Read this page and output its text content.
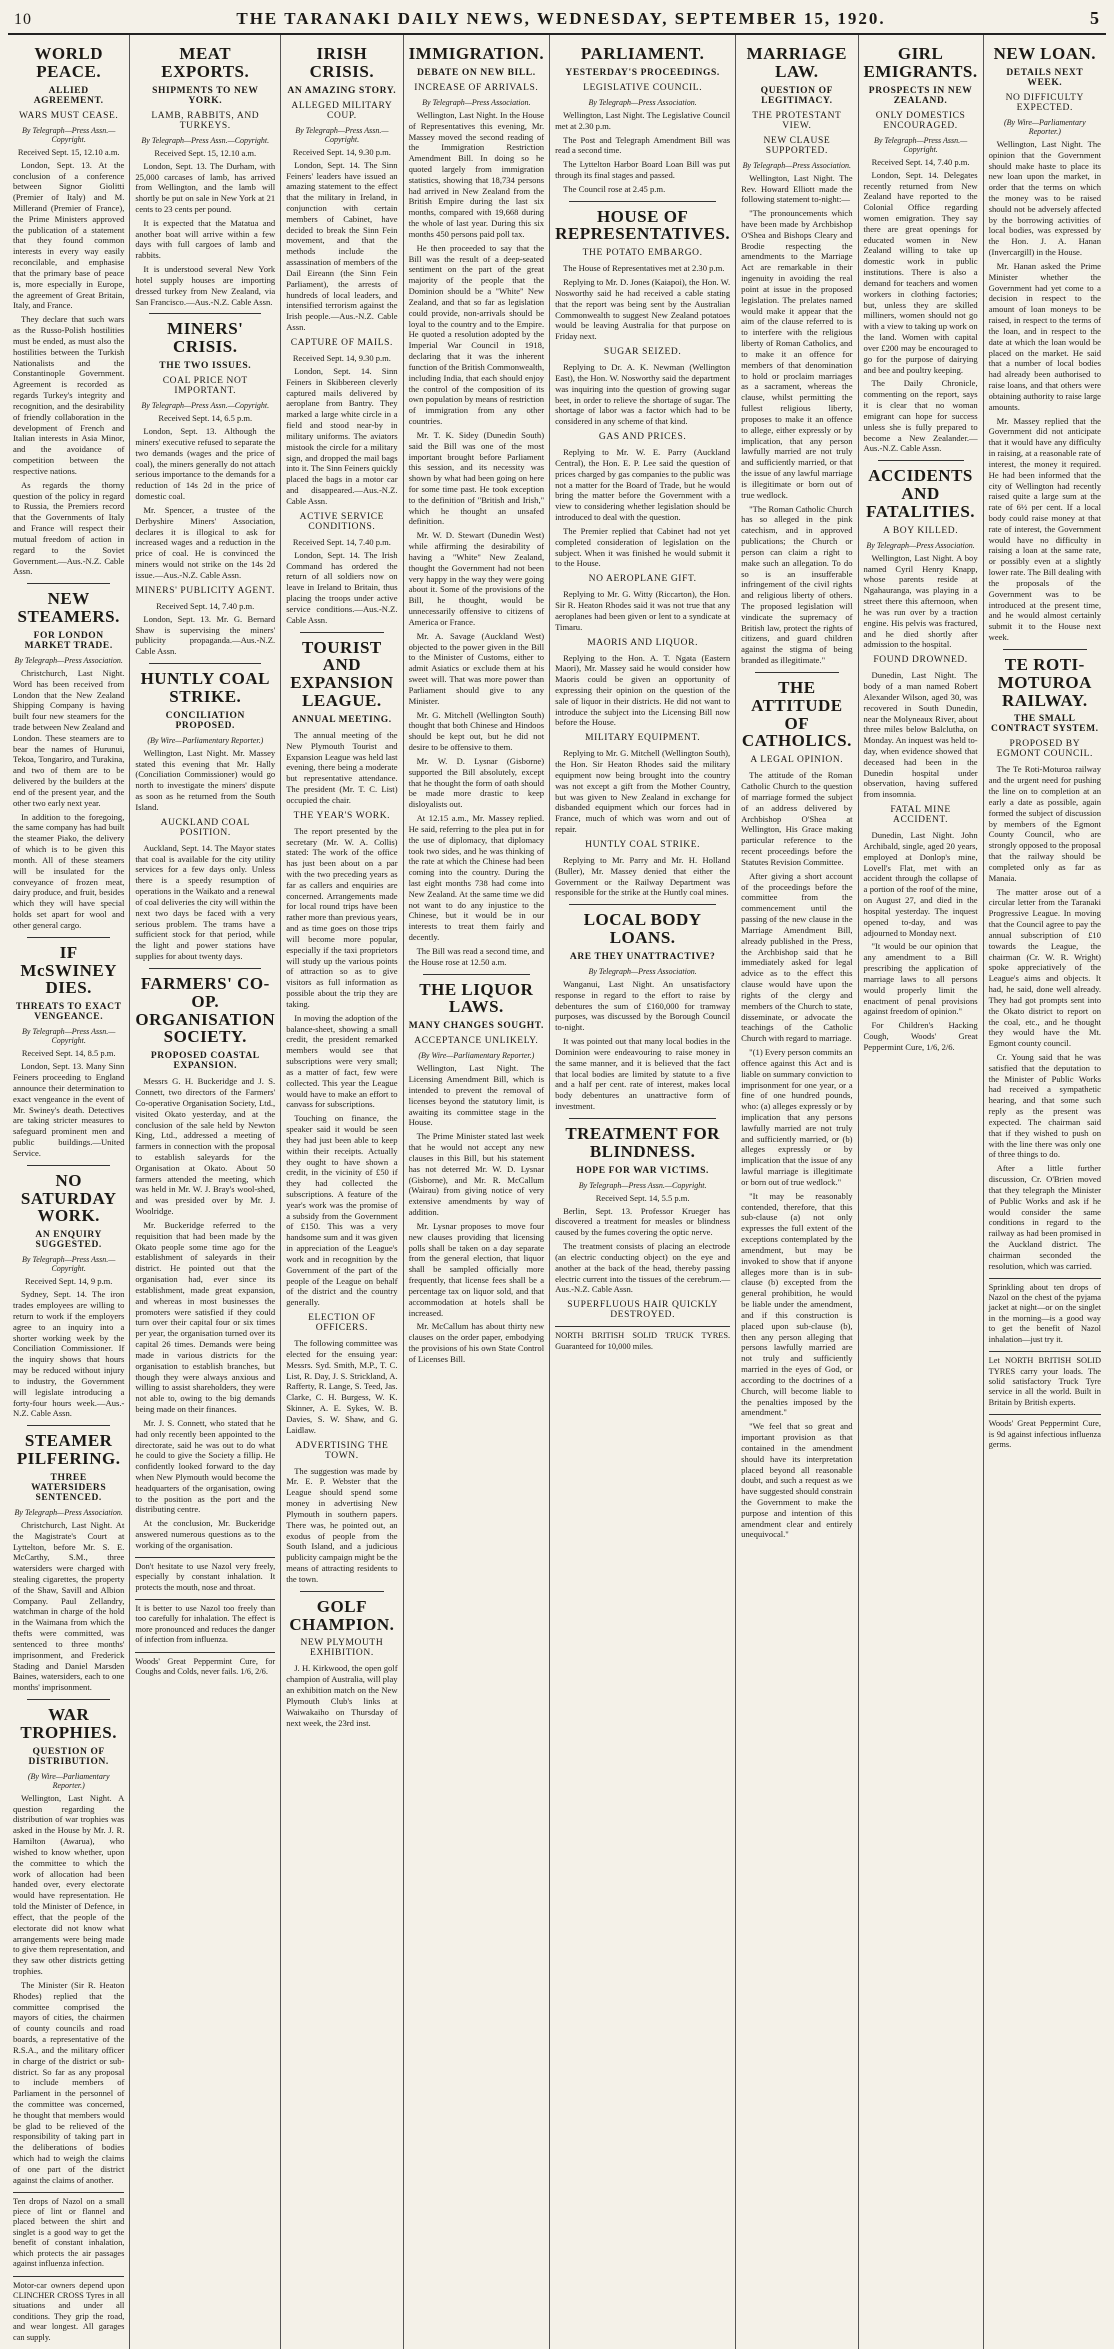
10	THE TARANAKI DAILY NEWS, WEDNESDAY, SEPTEMBER 15, 1920.	5
WORLD PEACE.
ALLIED AGREEMENT.
WARS MUST CEASE.
By Telegraph—Press Assn.—Copyright.
Received Sept. 15, 12.10 a.m.

London, Sept. 13. At the conclusion of a conference between Signor Giolitti (Premier of Italy) and M. Millerand (Premier of France), the Prime Ministers approved the publication of a statement that they found common interests in every way easily reconcilable, and emphasise that the primary base of peace is, more especially in Europe, the agreement of Great Britain, Italy, and France.

They declare that such wars as the Russo-Polish hostilities must be ended, as must also the hostilities between the Turkish Nationalists and the Constantinople Government. Agreement is recorded as regards Turkey's integrity and recognition, and the desirability of friendly collaboration in the development of French and Italian interests in Asia Minor, and the avoidance of competition between the respective nations.

As regards the thorny question of the policy in regard to Russia, the Premiers record that the Governments of Italy and France will respect their mutual freedom of action in regard to the Soviet Government.—Aus.-N.Z. Cable Assn.

NEW STEAMERS.
FOR LONDON MARKET TRADE.
By Telegraph—Press Association.

Christchurch, Last Night. Word has been received from London that the New Zealand Shipping Company is having built four new steamers for the trade between New Zealand and London. These steamers are to bear the names of Hurunui, Tekoa, Tongariro, and Turakina, and two of them are to be delivered by the builders at the end of the present year, and the other two early next year.

In addition to the foregoing, the same company has had built the steamer Piako, the delivery of which is to be given this month. All of these steamers will be insulated for the conveyance of frozen meat, dairy produce, and fruit, besides which they will have special holds set apart for wool and other general cargo.

IF McSWINEY DIES.
THREATS TO EXACT VENGEANCE.
By Telegraph—Press Assn.—Copyright.
Received Sept. 14, 8.5 p.m.

London, Sept. 13. Many Sinn Feiners proceeding to England announce their determination to exact vengeance in the event of Mr. Swiney's death. Detectives are taking stricter measures to safeguard prominent men and public buildings.—United Service.

NO SATURDAY WORK.
AN ENQUIRY SUGGESTED.
By Telegraph—Press Assn.—Copyright.
Received Sept. 14, 9 p.m.

Sydney, Sept. 14. The iron trades employees are willing to return to work if the employers agree to an inquiry into a shorter working week by the Conciliation Commissioner. If the inquiry shows that hours may be reduced without injury to industry, the Government will legislate introducing a forty-four hours week.—Aus.-N.Z. Cable Assn.

STEAMER PILFERING.
THREE WATERSIDERS SENTENCED.
By Telegraph—Press Association.

Christchurch, Last Night. At the Magistrate's Court at Lyttelton, before Mr. S. E. McCarthy, S.M., three watersiders were charged with stealing cigarettes, the property of the Shaw, Savill and Albion Company. Paul Zellandry, watchman in charge of the hold in the Waimana from which the thefts were committed, was sentenced to three months' imprisonment, and Frederick Stading and Daniel Marsden Baines, watersiders, each to one months' imprisonment.

WAR TROPHIES.
QUESTION OF DISTRIBUTION.
(By Wire—Parliamentary Reporter.)

Wellington, Last Night. A question regarding the distribution of war trophies was asked in the House by Mr. J. R. Hamilton (Awarua), who wished to know whether, upon the committee to which the work of allocation had been handed over, every electorate would have representation. He told the Minister of Defence, in effect, that the people of the electorate did not know what arrangements were being made to give them representation, and they saw other districts getting trophies.

The Minister (Sir R. Heaton Rhodes) replied that the committee comprised the mayors of cities, the chairmen of county councils and road boards, a representative of the R.S.A., and the military officer in charge of the district or sub-district. So far as any proposal to include members of Parliament in the personnel of the committee was concerned, he thought that members would be glad to be relieved of the responsibility of taking part in the deliberations of bodies which had to weigh the claims of one part of the district against the claims of another.

Ten drops of Nazol on a small piece of lint or flannel and placed between the shirt and singlet is a good way to get the benefit of constant inhalation, which protects the air passages against influenza infection.
Motor-car owners depend upon CLINCHER CROSS Tyres in all situations and under all conditions. They grip the road, and wear longest. All garages can supply.
MEAT EXPORTS.
SHIPMENTS TO NEW YORK.
LAMB, RABBITS, AND TURKEYS.
By Telegraph—Press Assn.—Copyright.
Received Sept. 15, 12.10 a.m.

London, Sept. 13. The Durham, with 25,000 carcases of lamb, has arrived from Wellington, and the lamb will shortly be put on sale in New York at 21 cents to 23 cents per pound.

It is expected that the Matatua and another boat will arrive within a few days with full cargoes of lamb and rabbits.

It is understood several New York hotel supply houses are importing dressed turkey from New Zealand, via San Francisco.—Aus.-N.Z. Cable Assn.

MINERS' CRISIS.
THE TWO ISSUES.
COAL PRICE NOT IMPORTANT.
By Telegraph—Press Assn.—Copyright.
Received Sept. 14, 6.5 p.m.

London, Sept. 13. Although the miners' executive refused to separate the two demands (wages and the price of coal), the miners generally do not attach serious importance to the demands for a reduction of 14s 2d in the price of domestic coal.

Mr. Spencer, a trustee of the Derbyshire Miners' Association, declares it is illogical to ask for increased wages and a reduction in the price of coal. He is convinced the miners would not strike on the 14s 2d issue.—Aus.-N.Z. Cable Assn.

MINERS' PUBLICITY AGENT.
Received Sept. 14, 7.40 p.m.

London, Sept. 13. Mr. G. Bernard Shaw is supervising the miners' publicity propaganda.—Aus.-N.Z. Cable Assn.

HUNTLY COAL STRIKE.
CONCILIATION PROPOSED.
(By Wire—Parliamentary Reporter.)

Wellington, Last Night. Mr. Massey stated this evening that Mr. Hally (Conciliation Commissioner) would go north to investigate the miners' dispute as soon as he returned from the South Island.

AUCKLAND COAL POSITION.

Auckland, Sept. 14. The Mayor states that coal is available for the city utility services for a few days only. Unless there is a speedy resumption of operations in the Waikato and a renewal of coal deliveries the city will within the next two days be faced with a very serious problem. The trams have a sufficient stock for that period, while the light and power stations have supplies for about twenty days.

FARMERS' CO-OP. ORGANISATION SOCIETY.
PROPOSED COASTAL EXPANSION.

Messrs G. H. Buckeridge and J. S. Connett, two directors of the Farmers' Co-operative Organisation Society, Ltd., visited Okato yesterday, and at the conclusion of the sale held by Newton King, Ltd., addressed a meeting of farmers in connection with the proposal to establish saleyards for the Organisation at Okato. About 50 farmers attended the meeting, which was held in Mr. W. J. Bray's wool-shed, and was presided over by Mr. J. Woolridge.

Mr. Buckeridge referred to the requisition that had been made by the Okato people some time ago for the establishment of saleyards in their district. He pointed out that the organisation had, ever since its establishment, made great expansion, and whereas in most businesses the promoters were satisfied if they could turn over their capital four or six times per year, the organisation turned over its capital 26 times. Demands were being made in various districts for the organisation to establish branches, but though they were always anxious and willing to assist shareholders, they were not able to, owing to the big demands being made on their finances.

Mr. J. S. Connett, who stated that he had only recently been appointed to the directorate, said he was out to do what he could to give the Society a fillip. He confidently looked forward to the day when New Plymouth would become the headquarters of the organisation, owing to the position as the port and the distributing centre.

At the conclusion, Mr. Buckeridge answered numerous questions as to the working of the organisation.

Don't hesitate to use Nazol very freely, especially by constant inhalation. It protects the mouth, nose and throat.
It is better to use Nazol too freely than too carefully for inhalation. The effect is more pronounced and reduces the danger of infection from influenza.
Woods' Great Peppermint Cure, for Coughs and Colds, never fails. 1/6, 2/6.
IRISH CRISIS.
AN AMAZING STORY.
ALLEGED MILITARY COUP.
By Telegraph—Press Assn.—Copyright.
Received Sept. 14, 9.30 p.m.

London, Sept. 14. The Sinn Feiners' leaders have issued an amazing statement to the effect that the military in Ireland, in conjunction with certain members of Cabinet, have decided to break the Sinn Fein movement, and that the methods include the assassination of members of the Dail Eireann (the Sinn Fein Parliament), the arrests of hundreds of local leaders, and intensified terrorism against the Irish people.—Aus.-N.Z. Cable Assn.

CAPTURE OF MAILS.
Received Sept. 14, 9.30 p.m.

London, Sept. 14. Sinn Feiners in Skibbereen cleverly captured mails delivered by aeroplane from Bantry. They marked a large white circle in a field and stood near-by in military uniforms. The aviators mistook the circle for a military sign, and dropped the mail bags into it. The Sinn Feiners quickly placed the bags in a motor car and disappeared.—Aus.-N.Z. Cable Assn.

ACTIVE SERVICE CONDITIONS.
Received Sept. 14, 7.40 p.m.

London, Sept. 14. The Irish Command has ordered the return of all soldiers now on leave in Ireland to Britain, thus placing the troops under active service conditions.—Aus.-N.Z. Cable Assn.

TOURIST AND EXPANSION LEAGUE.
ANNUAL MEETING.

The annual meeting of the New Plymouth Tourist and Expansion League was held last evening, there being a moderate but representative attendance. The president (Mr. T. C. List) occupied the chair.

THE YEAR'S WORK.

The report presented by the secretary (Mr. W. A. Collis) stated: The work of the office has just been about on a par with the two preceding years as far as callers and enquiries are concerned. Arrangements made for local round trips have been rather more than previous years, and as time goes on those trips will become more popular, especially if the taxi proprietors will study up the various points of attraction so as to give visitors as full information as possible about the trip they are taking.

In moving the adoption of the balance-sheet, showing a small credit, the president remarked members would see that subscriptions were very small; as a matter of fact, few were collected. This year the League would have to make an effort to canvass for subscriptions.

Touching on finance, the speaker said it would be seen they had just been able to keep within their receipts. Actually they ought to have shown a credit, in the vicinity of £50 if they had collected the subscriptions. A feature of the year's work was the promise of a subsidy from the Government of £150. This was a very handsome sum and it was given in appreciation of the League's work and in recognition by the Government of the part of the people of the League on behalf of the district and the country generally.

ELECTION OF OFFICERS.

The following committee was elected for the ensuing year: Messrs. Syd. Smith, M.P., T. C. List, R. Day, J. S. Strickland, A. Rafferty, R. Lange, S. Teed, Jas. Clarke, C. H. Burgess, W. K. Skinner, A. E. Sykes, W. B. Davies, S. W. Shaw, and G. Laidlaw.

ADVERTISING THE TOWN.

The suggestion was made by Mr. E. P. Webster that the League should spend some money in advertising New Plymouth in southern papers. There was, he pointed out, an exodus of people from the South Island, and a judicious publicity campaign might be the means of attracting residents to the town.

GOLF CHAMPION.
NEW PLYMOUTH EXHIBITION.

J. H. Kirkwood, the open golf champion of Australia, will play an exhibition match on the New Plymouth Club's links at Waiwakaiho on Thursday of next week, the 23rd inst.

IMMIGRATION.
DEBATE ON NEW BILL.
INCREASE OF ARRIVALS.
By Telegraph—Press Association.

Wellington, Last Night. In the House of Representatives this evening, Mr. Massey moved the second reading of the Immigration Restriction Amendment Bill. In doing so he quoted largely from immigration statistics, showing that 18,734 persons had arrived in New Zealand from the British Empire during the last six months, compared with 19,668 during the whole of last year. During this six months 450 persons paid poll tax.

He then proceeded to say that the Bill was the result of a deep-seated sentiment on the part of the great majority of the people that the Dominion should be a "White" New Zealand, and that so far as legislation could provide, non-arrivals should be loyal to the country and to the Empire. He quoted a resolution adopted by the Imperial War Council in 1918, declaring that it was the inherent function of the British Commonwealth, including India, that each should enjoy the control of the composition of its own population by means of restriction of immigration from any other countries.

Mr. T. K. Sidey (Dunedin South) said the Bill was one of the most important brought before Parliament this session, and its necessity was shown by what had been going on here for some time past. He took exception to the definition of "British and Irish," which he thought an unsafed definition.

Mr. W. D. Stewart (Dunedin West) while affirming the desirability of having a "White" New Zealand, thought the Government had not been very happy in the way they were going about it. Some of the provisions of the Bill, he thought, would be unnecessarily offensive to citizens of America or France.

Mr. A. Savage (Auckland West) objected to the power given in the Bill to the Minister of Customs, either to admit Asiatics or exclude them at his sweet will. That was more power than Parliament should give to any Minister.

Mr. G. Mitchell (Wellington South) thought that both Chinese and Hindoos should be kept out, but he did not desire to be offensive to them.

Mr. W. D. Lysnar (Gisborne) supported the Bill absolutely, except that he thought the form of oath should be made more drastic to keep disloyalists out.

At 12.15 a.m., Mr. Massey replied. He said, referring to the plea put in for the use of diplomacy, that diplomacy took two sides, and he was thinking of the rate at which the Chinese had been coming into the country. During the last eight months 738 had come into New Zealand. At the same time we did not want to do any injustice to the Chinese, but it would be in our interests to treat them fairly and decently.

The Bill was read a second time, and the House rose at 12.50 a.m.

THE LIQUOR LAWS.
MANY CHANGES SOUGHT.
ACCEPTANCE UNLIKELY.
(By Wire—Parliamentary Reporter.)

Wellington, Last Night. The Licensing Amendment Bill, which is intended to prevent the removal of licenses beyond the statutory limit, is awaiting its committee stage in the House.

The Prime Minister stated last week that he would not accept any new clauses in this Bill, but his statement has not deterred Mr. W. D. Lysnar (Gisborne), and Mr. R. McCallum (Wairau) from giving notice of very extensive amendments by way of addition.

Mr. Lysnar proposes to move four new clauses providing that licensing polls shall be taken on a day separate from the general election, that liquor shall be sampled officially more frequently, that license fees shall be a percentage tax on liquor sold, and that accommodation at hotels shall be increased.

Mr. McCallum has about thirty new clauses on the order paper, embodying the provisions of his own State Control of Licenses Bill.

PARLIAMENT.
YESTERDAY'S PROCEEDINGS.
LEGISLATIVE COUNCIL.
By Telegraph—Press Association.

Wellington, Last Night. The Legislative Council met at 2.30 p.m.

The Post and Telegraph Amendment Bill was read a second time.

The Lyttelton Harbor Board Loan Bill was put through its final stages and passed.

The Council rose at 2.45 p.m.

HOUSE OF REPRESENTATIVES.
THE POTATO EMBARGO.

The House of Representatives met at 2.30 p.m.

Replying to Mr. D. Jones (Kaiapoi), the Hon. W. Nosworthy said he had received a cable stating that the report was being sent by the Australian Commonwealth to suggest New Zealand potatoes would be leaving Australia for that purpose on Friday next.

SUGAR SEIZED.

Replying to Dr. A. K. Newman (Wellington East), the Hon. W. Nosworthy said the department was inquiring into the question of growing sugar beet, in order to relieve the shortage of sugar. The shortage of labor was a factor which had to be considered in any scheme of that kind.

GAS AND PRICES.

Replying to Mr. W. E. Parry (Auckland Central), the Hon. E. P. Lee said the question of prices charged by gas companies to the public was not a matter for the Board of Trade, but he would bring the matter before the Government with a view to considering whether legislation should be introduced to deal with the question.

The Premier replied that Cabinet had not yet completed consideration of legislation on the subject. When it was finished he would submit it to the House.

NO AEROPLANE GIFT.

Replying to Mr. G. Witty (Riccarton), the Hon. Sir R. Heaton Rhodes said it was not true that any aeroplanes had been given or lent to a syndicate at Timaru.

MAORIS AND LIQUOR.

Replying to the Hon. A. T. Ngata (Eastern Maori), Mr. Massey said he would consider how Maoris could be given an opportunity of expressing their opinion on the question of the sale of liquor in their districts. He did not want to introduce the subject into the Licensing Bill now before the House.

MILITARY EQUIPMENT.

Replying to Mr. G. Mitchell (Wellington South), the Hon. Sir Heaton Rhodes said the military equipment now being brought into the country was not except a gift from the Mother Country, but was given to New Zealand in exchange for disbanded equipment which our forces had in France, much of which was worn and out of repair.

HUNTLY COAL STRIKE.

Replying to Mr. Parry and Mr. H. Holland (Buller), Mr. Massey denied that either the Government or the Railway Department was responsible for the strike at the Huntly coal mines.

LOCAL BODY LOANS.
ARE THEY UNATTRACTIVE?
By Telegraph—Press Association.

Wanganui, Last Night. An unsatisfactory response in regard to the effort to raise by debentures the sum of £160,000 for tramway purposes, was discussed by the Borough Council to-night.

It was pointed out that many local bodies in the Dominion were endeavouring to raise money in the same manner, and it is believed that the fact that local bodies are limited by statute to a five and a half per cent. rate of interest, makes local body debentures an unattractive form of investment.

TREATMENT FOR BLINDNESS.
HOPE FOR WAR VICTIMS.
By Telegraph—Press Assn.—Copyright.
Received Sept. 14, 5.5 p.m.

Berlin, Sept. 13. Professor Krueger has discovered a treatment for measles or blindness caused by the fumes covering the optic nerve.

The treatment consists of placing an electrode (an electric conducting object) on the eye and another at the back of the head, thereby passing electric current into the tissues of the cerebrum.—Aus.-N.Z. Cable Assn.

SUPERFLUOUS HAIR QUICKLY DESTROYED.
NORTH BRITISH SOLID TRUCK TYRES. Guaranteed for 10,000 miles.
MARRIAGE LAW.
QUESTION OF LEGITIMACY.
THE PROTESTANT VIEW.
NEW CLAUSE SUPPORTED.
By Telegraph—Press Association.

Wellington, Last Night. The Rev. Howard Elliott made the following statement to-night:—

"The pronouncements which have been made by Archbishop O'Shea and Bishops Cleary and Brodie respecting the amendments to the Marriage Act are remarkable in their ingenuity in avoiding the real point at issue in the proposed legislation. The prelates named would make it appear that the aim of the clause referred to is to interfere with the religious liberty of Roman Catholics, and to make it an offence for members of that denomination to hold or proclaim marriages as a sacrament, whereas the clause, whilst permitting the fullest religious liberty, proposes to make it an offence to allege, either expressly or by implication, that any person lawfully married are not truly and sufficiently married, or that the issue of any lawful marriage is illegitimate or born out of true wedlock.

"The Roman Catholic Church has so alleged in the pink catechism, and in approved publications; the Church or person can claim a right to make such an allegation. To do so is an insufferable infringement of the civil rights and religious liberty of others. The proposed legislation will vindicate the supremacy of British law, protect the rights of citizens, and guard children against the stigma of being branded as illegitimate."

THE ATTITUDE OF CATHOLICS.
A LEGAL OPINION.

The attitude of the Roman Catholic Church to the question of marriage formed the subject of an address delivered by Archbishop O'Shea at Wellington, His Grace making particular reference to the recent proceedings before the Statutes Revision Committee.

After giving a short account of the proceedings before the committee from the commencement until the passing of the new clause in the Marriage Amendment Bill, already published in the Press, the Archbishop said that he immediately asked for legal advice as to the effect this clause would have upon the rights of the clergy and members of the Church to state, disseminate, or advocate the teachings of the Catholic Church with regard to marriage.

"(1) Every person commits an offence against this Act and is liable on summary conviction to imprisonment for one year, or a fine of one hundred pounds, who: (a) alleges expressly or by implication that any persons lawfully married are not truly and sufficiently married, or (b) alleges expressly or by implication that the issue of any lawful marriage is illegitimate or born out of true wedlock."

"It may be reasonably contended, therefore, that this sub-clause (a) not only expresses the full extent of the exceptions contemplated by the amendment, but may be invoked to show that if anyone alleges more than is in sub-clause (b) excepted from the general prohibition, he would be liable under the amendment, and if this construction is placed upon sub-clause (b), then any person alleging that persons lawfully married are not truly and sufficiently married in the eyes of God, or according to the doctrines of a Church, will become liable to the penalties imposed by the amendment."

"We feel that so great and important provision as that contained in the amendment should have its interpretation placed beyond all reasonable doubt, and such a request as we have suggested should constrain the Government to make the purpose and intention of this amendment clear and entirely unequivocal."

GIRL EMIGRANTS.
PROSPECTS IN NEW ZEALAND.
ONLY DOMESTICS ENCOURAGED.
By Telegraph—Press Assn.—Copyright.
Received Sept. 14, 7.40 p.m.

London, Sept. 14. Delegates recently returned from New Zealand have reported to the Colonial Office regarding women emigration. They say there are great openings for educated women in New Zealand willing to take up domestic work in public institutions. There is also a demand for teachers and women workers in clothing factories; but, unless they are skilled milliners, women should not go with a view to taking up work on the land. Women with capital over £200 may be encouraged to go for the purpose of dairying and bee and poultry keeping.

The Daily Chronicle, commenting on the report, says it is clear that no woman emigrant can hope for success unless she is fully prepared to become a New Zealander.—Aus.-N.Z. Cable Assn.

ACCIDENTS AND FATALITIES.
A BOY KILLED.
By Telegraph—Press Association.

Wellington, Last Night. A boy named Cyril Henry Knapp, whose parents reside at Ngahauranga, was playing in a street there this afternoon, when he was run over by a traction engine. His pelvis was fractured, and he died shortly after admission to the hospital.

FOUND DROWNED.

Dunedin, Last Night. The body of a man named Robert Alexander Wilson, aged 30, was recovered in South Dunedin, near the Molyneaux River, about three miles below Balclutha, on Monday. An inquest was held to-day, when evidence showed that deceased had been in the Dunedin hospital under observation, having suffered from insomnia.

FATAL MINE ACCIDENT.

Dunedin, Last Night. John Archibald, single, aged 20 years, employed at Donlop's mine, Lovell's Flat, met with an accident through the collapse of a portion of the roof of the mine, on August 27, and died in the hospital yesterday. The inquest opened to-day, and was adjourned to Monday next.

"It would be our opinion that any amendment to a Bill prescribing the application of marriage laws to all persons would properly limit the enactment of penal provisions against freedom of opinion."

For Children's Hacking Cough, Woods' Great Peppermint Cure, 1/6, 2/6.

NEW LOAN.
DETAILS NEXT WEEK.
NO DIFFICULTY EXPECTED.
(By Wire—Parliamentary Reporter.)

Wellington, Last Night. The opinion that the Government should make haste to place its new loan upon the market, in order that the terms on which the money was to be raised should not be adversely affected by the borrowing activities of local bodies, was expressed by the Hon. J. A. Hanan (Invercargill) in the House.

Mr. Hanan asked the Prime Minister whether the Government had yet come to a decision in respect to the amount of loan moneys to be raised, in respect to the terms of the loan, and in respect to the date at which the loan would be placed on the market. He said that a number of local bodies had already been authorised to raise loans, and that others were obtaining authority to raise large amounts.

Mr. Massey replied that the Government did not anticipate that it would have any difficulty in raising, at a reasonable rate of interest, the money it required. He had been informed that the city of Wellington had recently raised quite a large sum at the rate of 6½ per cent. If a local body could raise money at that rate of interest, the Government would have no difficulty in raising a loan at the same rate, or possibly even at a slightly lower rate. The Bill dealing with the proposals of the Government was to be introduced at the present time, and he would almost certainly submit it to the House next week.

TE ROTI-MOTUROA RAILWAY.
THE SMALL CONTRACT SYSTEM.
PROPOSED BY EGMONT COUNCIL.

The Te Roti-Moturoa railway and the urgent need for pushing the line on to completion at an early a date as possible, again formed the subject of discussion by members of the Egmont County Council, who are strongly opposed to the proposal that the railway should be completed only as far as Manaia.

The matter arose out of a circular letter from the Taranaki Progressive League. In moving that the Council agree to pay the annual subscription of £10 towards the League, the chairman (Cr. W. R. Wright) spoke appreciatively of the League's aims and objects. It had, he said, done well already. They had got prompts sent into the Okato district to report on the coal, etc., and he thought they would have the Mt. Egmont county council.

Cr. Young said that he was satisfied that the deputation to the Minister of Public Works had received a sympathetic hearing, and that some such reply as the present was expected. The chairman said that if they wished to push on with the line there was only one of three things to do.

After a little further discussion, Cr. O'Brien moved that they telegraph the Minister of Public Works and ask if he would consider the same conditions in regard to the railway as had been promised in the Auckland district. The chairman seconded the resolution, which was carried.

Sprinkling about ten drops of Nazol on the chest of the pyjama jacket at night—or on the singlet in the morning—is a good way to get the benefit of Nazol inhalation—just try it.
Let NORTH BRITISH SOLID TYRES carry your loads. The solid satisfactory Truck Tyre service in all the world. Built in Britain by British experts.
Woods' Great Peppermint Cure, is 9d against infectious influenza germs.
